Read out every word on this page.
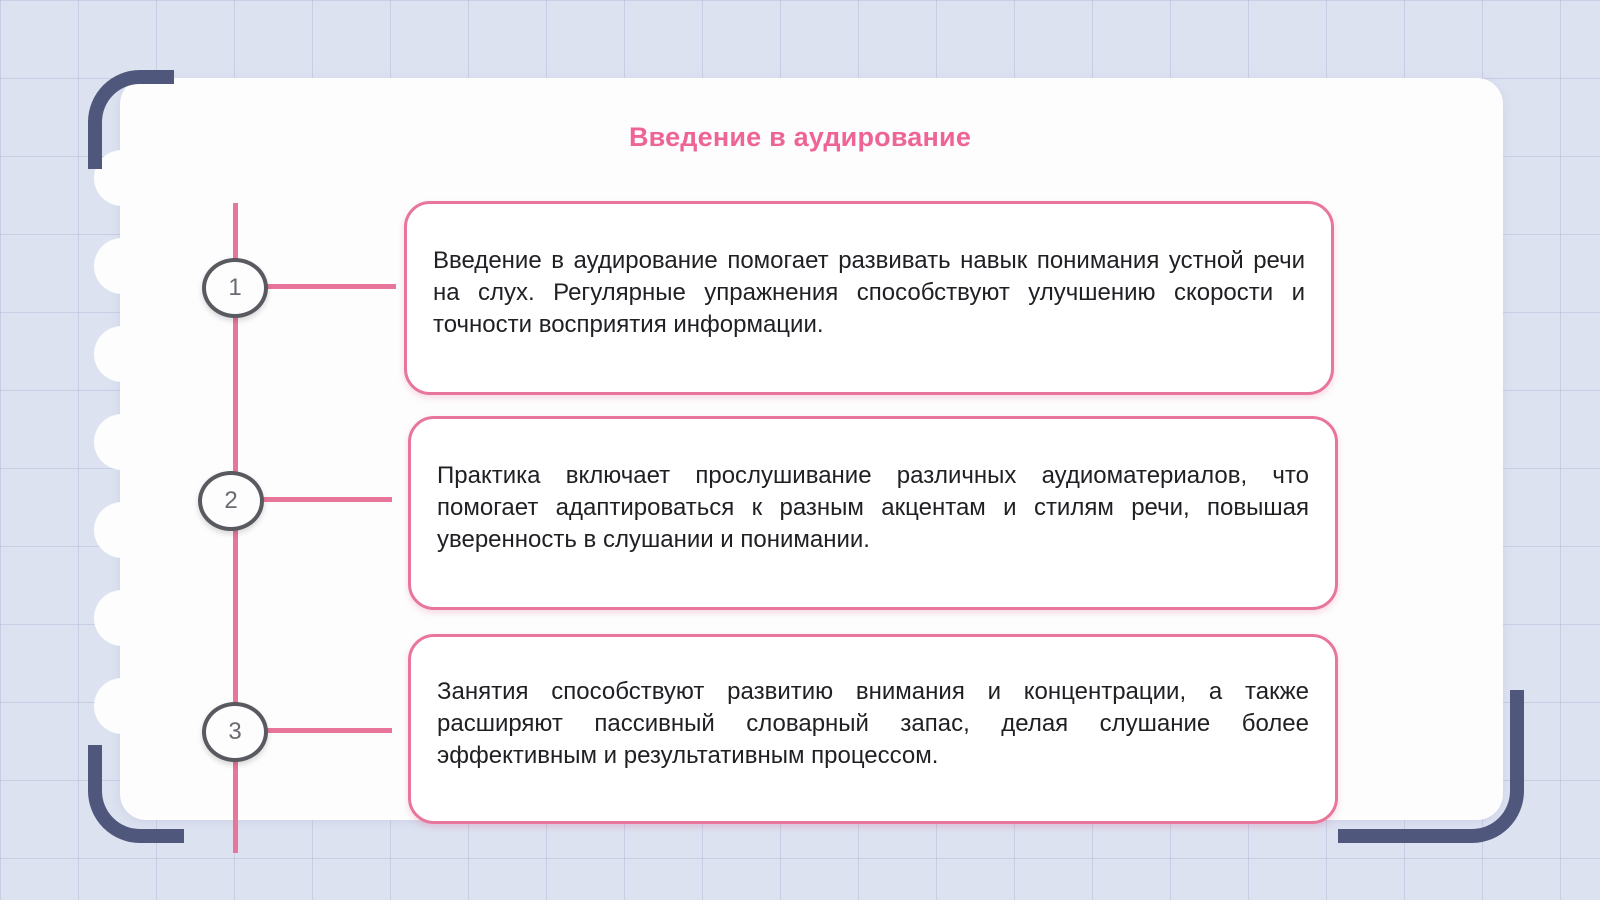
Введение в аудирование
1
2
3

Введение в аудирование помогает развивать навык понимания устной речи на слух. Регулярные упражнения способствуют улучшению скорости и точности восприятия информации.

Практика включает прослушивание различных аудиоматериалов, что помогает адаптироваться к разным акцентам и стилям речи, повышая уверенность в слушании и понимании.

Занятия способствуют развитию внимания и концентрации, а также расширяют пассивный словарный запас, делая слушание более эффективным и результативным процессом.
